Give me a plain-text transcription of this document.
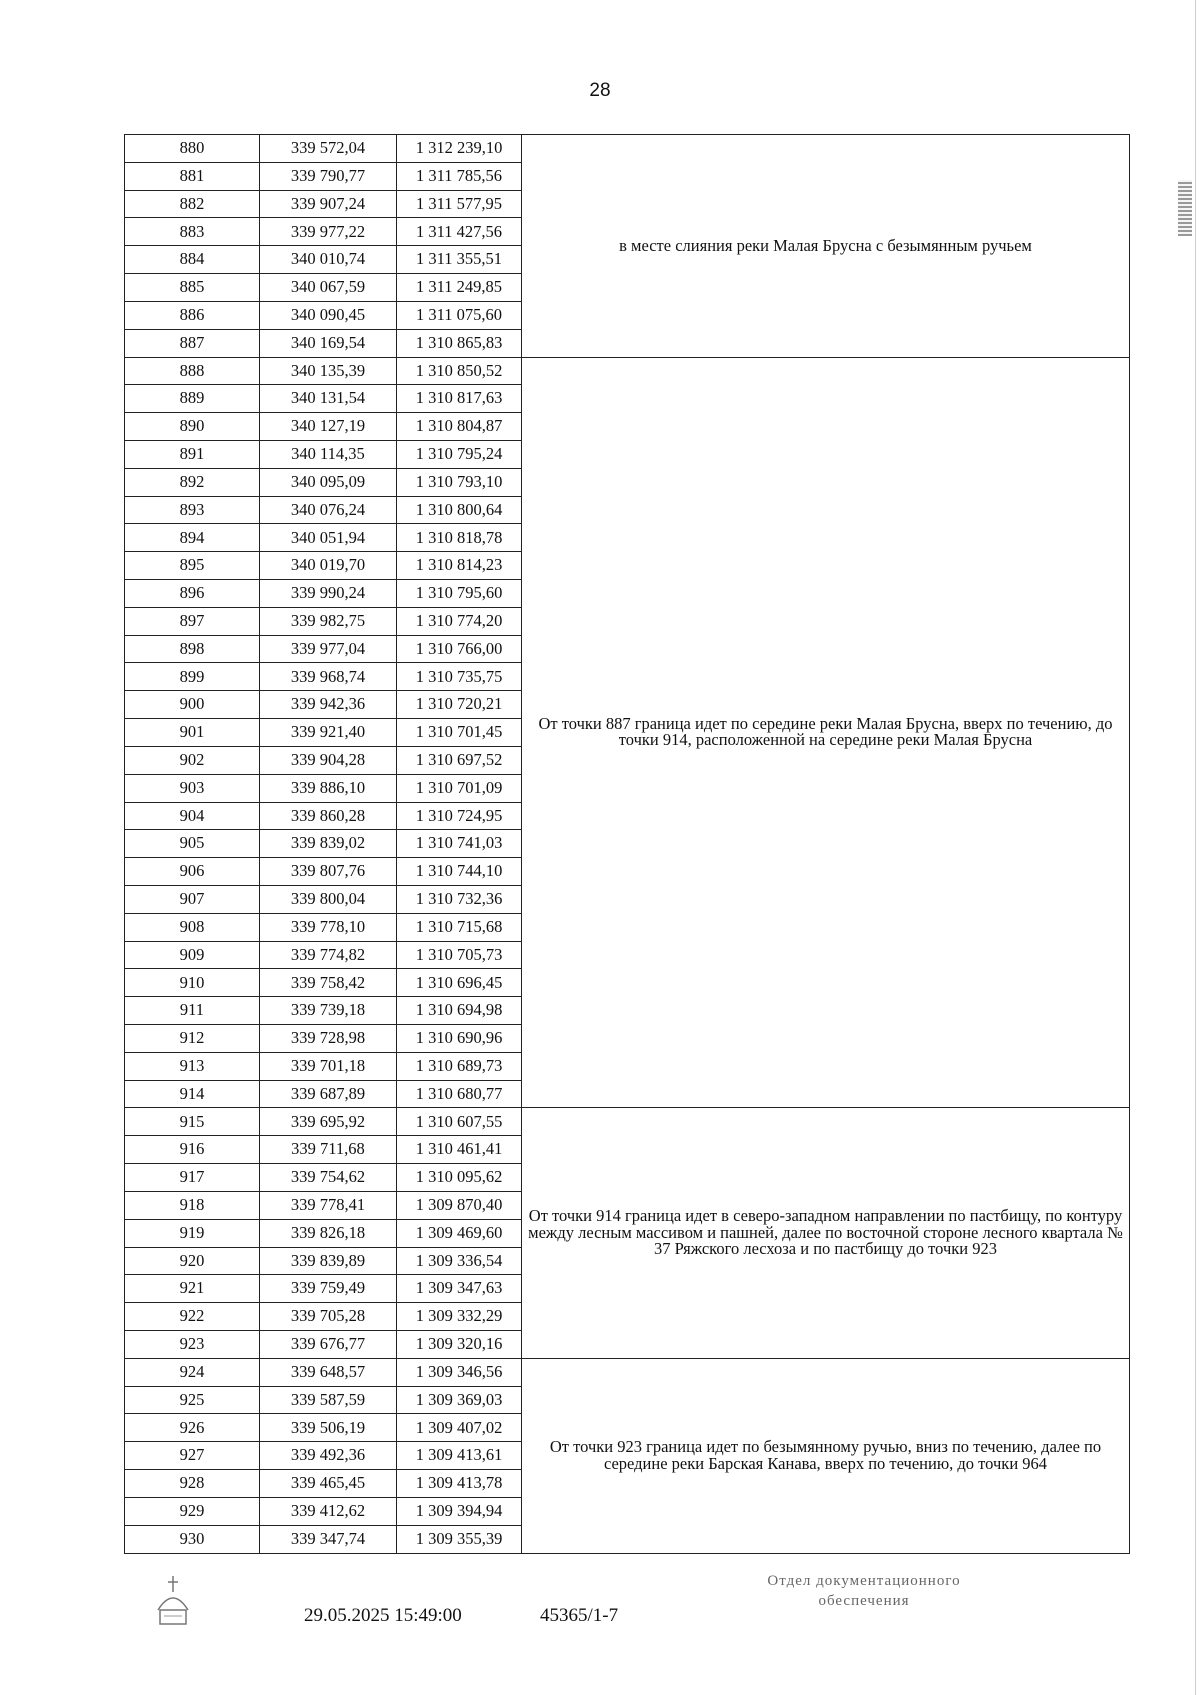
28
880	339 572,04	1 312 239,10	в месте слияния реки Малая Брусна с безымянным ручьем
881	339 790,77	1 311 785,56	
882	339 907,24	1 311 577,95	
883	339 977,22	1 311 427,56	
884	340 010,74	1 311 355,51	
885	340 067,59	1 311 249,85	
886	340 090,45	1 311 075,60	
887	340 169,54	1 310 865,83	
888	340 135,39	1 310 850,52	От точки 887 граница идет по середине реки Малая Брусна, вверх по течению, до точки 914, расположенной на середине реки Малая Брусна
889	340 131,54	1 310 817,63	
890	340 127,19	1 310 804,87	
891	340 114,35	1 310 795,24	
892	340 095,09	1 310 793,10	
893	340 076,24	1 310 800,64	
894	340 051,94	1 310 818,78	
895	340 019,70	1 310 814,23	
896	339 990,24	1 310 795,60	
897	339 982,75	1 310 774,20	
898	339 977,04	1 310 766,00	
899	339 968,74	1 310 735,75	
900	339 942,36	1 310 720,21	
901	339 921,40	1 310 701,45	
902	339 904,28	1 310 697,52	
903	339 886,10	1 310 701,09	
904	339 860,28	1 310 724,95	
905	339 839,02	1 310 741,03	
906	339 807,76	1 310 744,10	
907	339 800,04	1 310 732,36	
908	339 778,10	1 310 715,68	
909	339 774,82	1 310 705,73	
910	339 758,42	1 310 696,45	
911	339 739,18	1 310 694,98	
912	339 728,98	1 310 690,96	
913	339 701,18	1 310 689,73	
914	339 687,89	1 310 680,77	
915	339 695,92	1 310 607,55	От точки 914 граница идет в северо-западном направлении по пастбищу, по контуру между лесным массивом и пашней, далее по восточной стороне лесного квартала № 37 Ряжского лесхоза и по пастбищу до точки 923
916	339 711,68	1 310 461,41	
917	339 754,62	1 310 095,62	
918	339 778,41	1 309 870,40	
919	339 826,18	1 309 469,60	
920	339 839,89	1 309 336,54	
921	339 759,49	1 309 347,63	
922	339 705,28	1 309 332,29	
923	339 676,77	1 309 320,16	
924	339 648,57	1 309 346,56	От точки 923 граница идет по безымянному ручью, вниз по течению, далее по середине реки Барская Канава, вверх по течению, до точки 964
925	339 587,59	1 309 369,03	
926	339 506,19	1 309 407,02	
927	339 492,36	1 309 413,61	
928	339 465,45	1 309 413,78	
929	339 412,62	1 309 394,94	
930	339 347,74	1 309 355,39	
29.05.2025 15:49:00	45365/1-7
Отдел документационного
обеспечения
